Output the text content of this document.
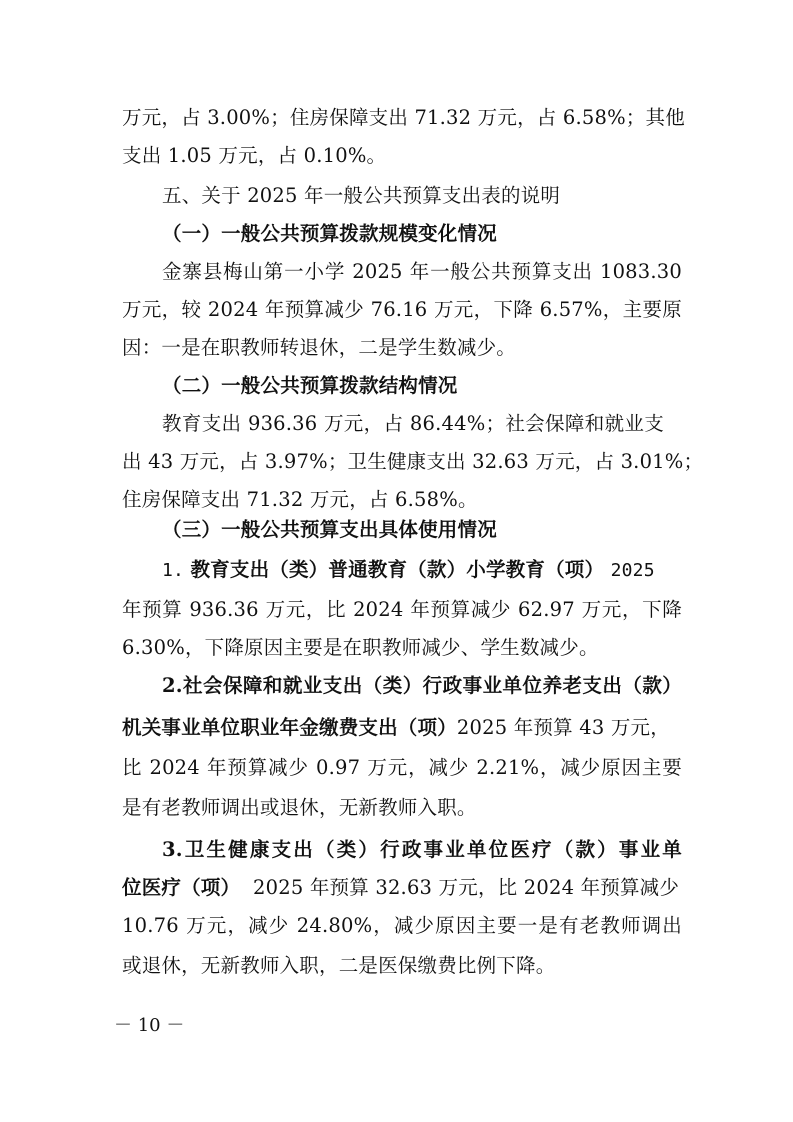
万元，占 3.00%；住房保障支出 71.32 万元，占 6.58%；其他
支出 1.05 万元，占 0.10%。
五、关于 2025 年一般公共预算支出表的说明
（一）一般公共预算拨款规模变化情况
金寨县梅山第一小学 2025 年一般公共预算支出 1083.30
万元，较 2024 年预算减少 76.16 万元，下降 6.57%，主要原
因：一是在职教师转退休，二是学生数减少。
（二）一般公共预算拨款结构情况
教育支出 936.36 万元，占 86.44%；社会保障和就业支
出 43 万元，占 3.97%；卫生健康支出 32.63 万元，占 3.01%；
住房保障支出 71.32 万元，占 6.58%。
（三）一般公共预算支出具体使用情况
1. 教育支出（类）普通教育（款）小学教育（项） 2025
年预算 936.36 万元，比 2024 年预算减少 62.97 万元，下降
6.30%，下降原因主要是在职教师减少、学生数减少。
2.社会保障和就业支出（类）行政事业单位养老支出（款）
机关事业单位职业年金缴费支出（项）2025 年预算 43 万元，
比 2024 年预算减少 0.97 万元，减少 2.21%，减少原因主要
是有老教师调出或退休，无新教师入职。
3.卫生健康支出（类）行政事业单位医疗（款）事业单
位医疗（项） 2025 年预算 32.63 万元，比 2024 年预算减少
－ 10 －
10.76 万元，减少 24.80%，减少原因主要一是有老教师调出
或退休，无新教师入职，二是医保缴费比例下降。
